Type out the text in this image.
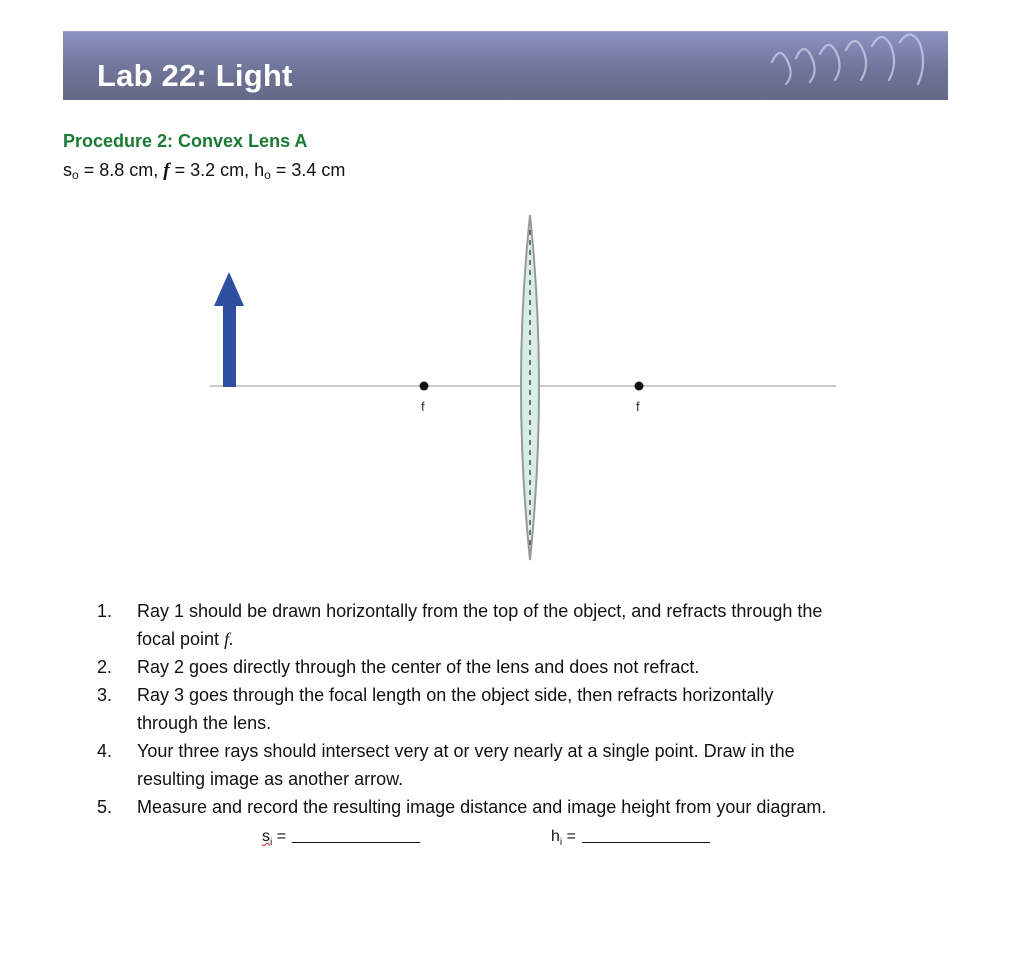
Lab 22: Light
Procedure 2: Convex Lens A
$s_o = 8.8$ cm, f = 3.2 cm, $h_o = 3.4$ cm
f	f
1. Ray 1 should be drawn horizontally from the top of the object, and refracts through the
focal point f.
2. Ray 2 goes directly through the center of the lens and does not refract.
3. Ray 3 goes through the focal length on the object side, then refracts horizontally
through the lens.
4. Your three rays should intersect very at or very nearly at a single point. Draw in the
resulting image as another arrow.
5. Measure and record the resulting image distance and image height from your diagram.
$s_i$ =	$h_i$ =
